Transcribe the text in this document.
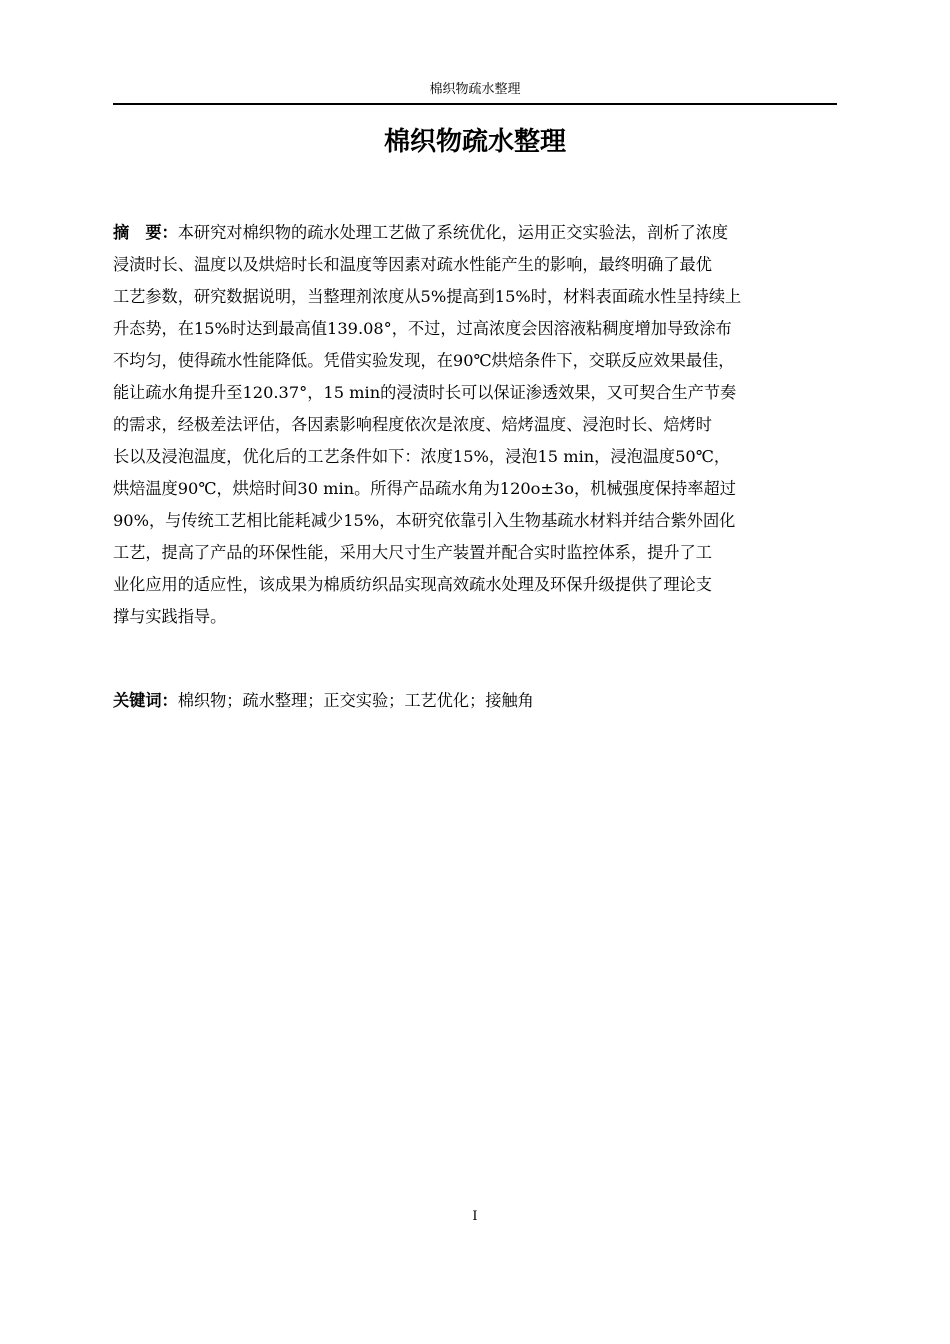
棉织物疏水整理
棉织物疏水整理
摘　要：本研究对棉织物的疏水处理工艺做了系统优化，运用正交实验法，剖析了浓度
浸渍时长、温度以及烘焙时长和温度等因素对疏水性能产生的影响，最终明确了最优
工艺参数，研究数据说明，当整理剂浓度从5%提高到15%时，材料表面疏水性呈持续上
升态势，在15%时达到最高值139.08°，不过，过高浓度会因溶液粘稠度增加导致涂布
不均匀，使得疏水性能降低。凭借实验发现，在90℃烘焙条件下，交联反应效果最佳，
能让疏水角提升至120.37°，15 min的浸渍时长可以保证渗透效果，又可契合生产节奏
的需求，经极差法评估，各因素影响程度依次是浓度、焙烤温度、浸泡时长、焙烤时
长以及浸泡温度，优化后的工艺条件如下：浓度15%，浸泡15 min，浸泡温度50℃，
烘焙温度90℃，烘焙时间30 min。所得产品疏水角为120o±3o，机械强度保持率超过
90%，与传统工艺相比能耗减少15%，本研究依靠引入生物基疏水材料并结合紫外固化
工艺，提高了产品的环保性能，采用大尺寸生产装置并配合实时监控体系，提升了工
业化应用的适应性，该成果为棉质纺织品实现高效疏水处理及环保升级提供了理论支
撑与实践指导。
关键词：棉织物；疏水整理；正交实验；工艺优化；接触角
I
